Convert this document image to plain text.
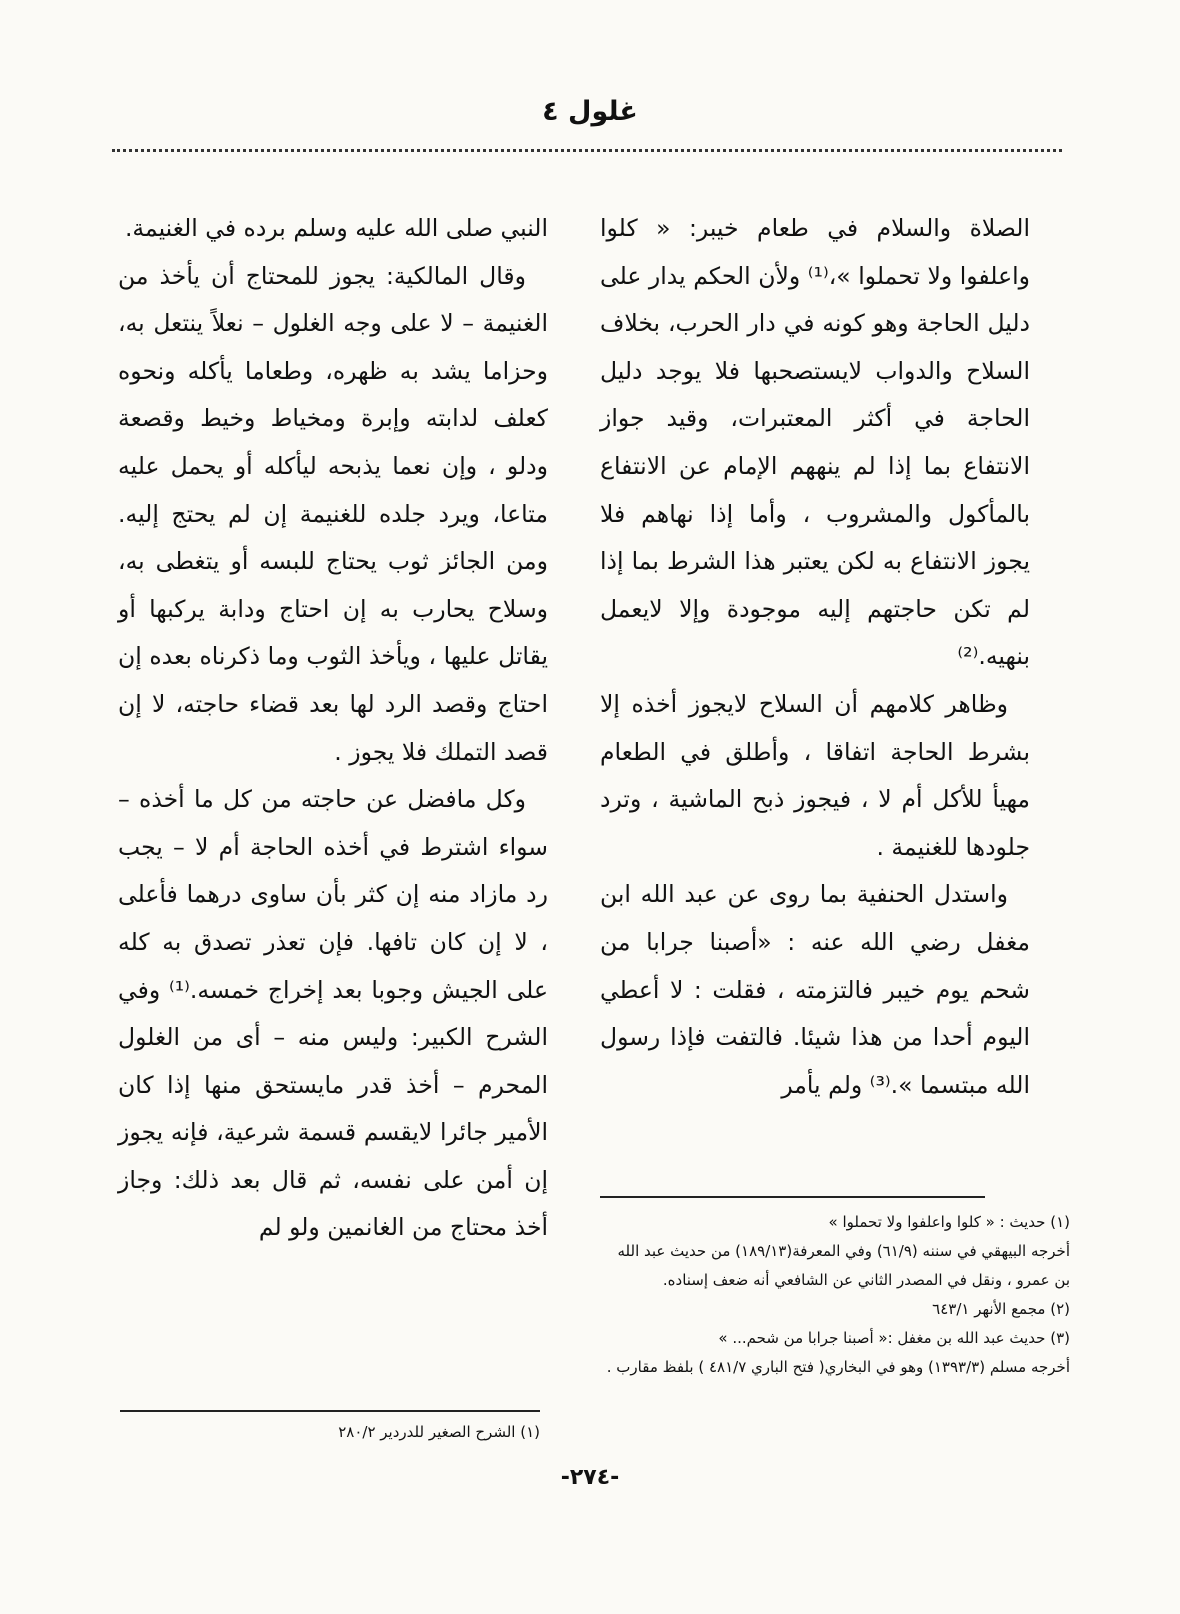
غلول ٤

الصلاة والسلام في طعام خيبر: « كلوا واعلفوا ولا تحملوا »،⁽¹⁾ ولأن الحكم يدار على دليل الحاجة وهو كونه في دار الحرب، بخلاف السلاح والدواب لايستصحبها فلا يوجد دليل الحاجة في أكثر المعتبرات، وقيد جواز الانتفاع بما إذا لم ينههم الإمام عن الانتفاع بالمأكول والمشروب ، وأما إذا نهاهم فلا يجوز الانتفاع به لكن يعتبر هذا الشرط بما إذا لم تكن حاجتهم إليه موجودة وإلا لايعمل بنهيه.⁽²⁾

وظاهر كلامهم أن السلاح لايجوز أخذه إلا بشرط الحاجة اتفاقا ، وأطلق في الطعام مهيأ للأكل أم لا ، فيجوز ذبح الماشية ، وترد جلودها للغنيمة .

واستدل الحنفية بما روى عن عبد الله ابن مغفل رضي الله عنه : «أصبنا جرابا من شحم يوم خيبر فالتزمته ، فقلت : لا أعطي اليوم أحدا من هذا شيئا. فالتفت فإذا رسول الله مبتسما ».⁽³⁾ ولم يأمر

(١) حديث : « كلوا واعلفوا ولا تحملوا »

أخرجه البيهقي في سننه (٦١/٩) وفي المعرفة(١٨٩/١٣) من حديث عبد الله بن عمرو ، ونقل في المصدر الثاني عن الشافعي أنه ضعف إسناده.

(٢) مجمع الأنهر ٦٤٣/١

(٣) حديث عبد الله بن مغفل :« أصبنا جرابا من شحم... »

أخرجه مسلم (١٣٩٣/٣) وهو في البخاري( فتح الباري ٤٨١/٧ ) بلفظ مقارب .

النبي صلى الله عليه وسلم برده في الغنيمة.

وقال المالكية: يجوز للمحتاج أن يأخذ من الغنيمة – لا على وجه الغلول – نعلاً ينتعل به، وحزاما يشد به ظهره، وطعاما يأكله ونحوه كعلف لدابته وإبرة ومخياط وخيط وقصعة ودلو ، وإن نعما يذبحه ليأكله أو يحمل عليه متاعا، ويرد جلده للغنيمة إن لم يحتج إليه. ومن الجائز ثوب يحتاج للبسه أو يتغطى به، وسلاح يحارب به إن احتاج ودابة يركبها أو يقاتل عليها ، ويأخذ الثوب وما ذكرناه بعده إن احتاج وقصد الرد لها بعد قضاء حاجته، لا إن قصد التملك فلا يجوز .

وكل مافضل عن حاجته من كل ما أخذه – سواء اشترط في أخذه الحاجة أم لا – يجب رد مازاد منه إن كثر بأن ساوى درهما فأعلى ، لا إن كان تافها. فإن تعذر تصدق به كله على الجيش وجوبا بعد إخراج خمسه.⁽¹⁾ وفي الشرح الكبير: وليس منه – أى من الغلول المحرم – أخذ قدر مايستحق منها إذا كان الأمير جائرا لايقسم قسمة شرعية، فإنه يجوز إن أمن على نفسه، ثم قال بعد ذلك: وجاز أخذ محتاج من الغانمين ولو لم

(١) الشرح الصغير للدردير ٢٨٠/٢

-٢٧٤-
